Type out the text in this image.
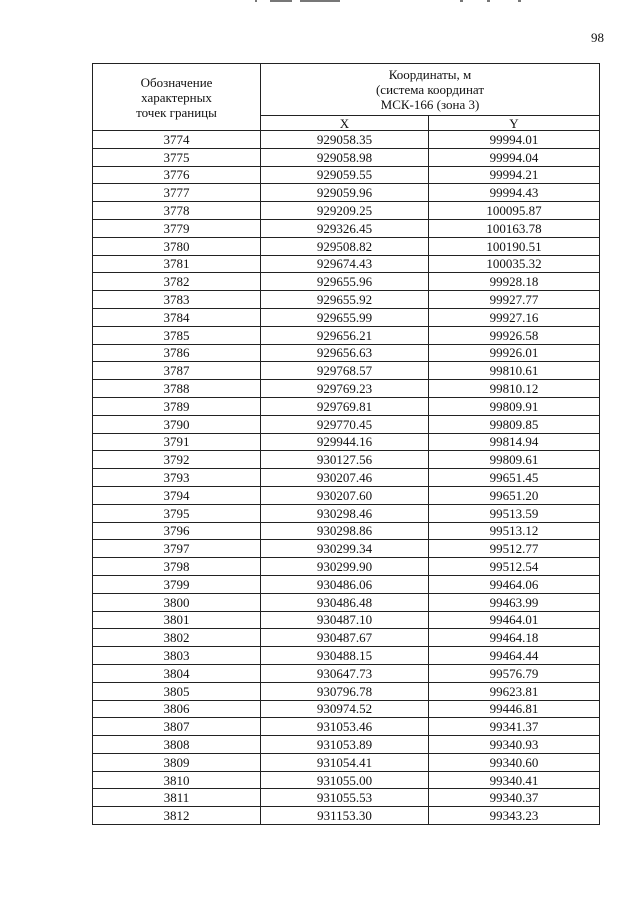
98
Обозначение
характерных
точек границы	Координаты, м
(система координат
МСК-166 (зона 3)	

	X	Y
3774	929058.35	99994.01
3775	929058.98	99994.04
3776	929059.55	99994.21
3777	929059.96	99994.43
3778	929209.25	100095.87
3779	929326.45	100163.78
3780	929508.82	100190.51
3781	929674.43	100035.32
3782	929655.96	99928.18
3783	929655.92	99927.77
3784	929655.99	99927.16
3785	929656.21	99926.58
3786	929656.63	99926.01
3787	929768.57	99810.61
3788	929769.23	99810.12
3789	929769.81	99809.91
3790	929770.45	99809.85
3791	929944.16	99814.94
3792	930127.56	99809.61
3793	930207.46	99651.45
3794	930207.60	99651.20
3795	930298.46	99513.59
3796	930298.86	99513.12
3797	930299.34	99512.77
3798	930299.90	99512.54
3799	930486.06	99464.06
3800	930486.48	99463.99
3801	930487.10	99464.01
3802	930487.67	99464.18
3803	930488.15	99464.44
3804	930647.73	99576.79
3805	930796.78	99623.81
3806	930974.52	99446.81
3807	931053.46	99341.37
3808	931053.89	99340.93
3809	931054.41	99340.60
3810	931055.00	99340.41
3811	931055.53	99340.37
3812	931153.30	99343.23
